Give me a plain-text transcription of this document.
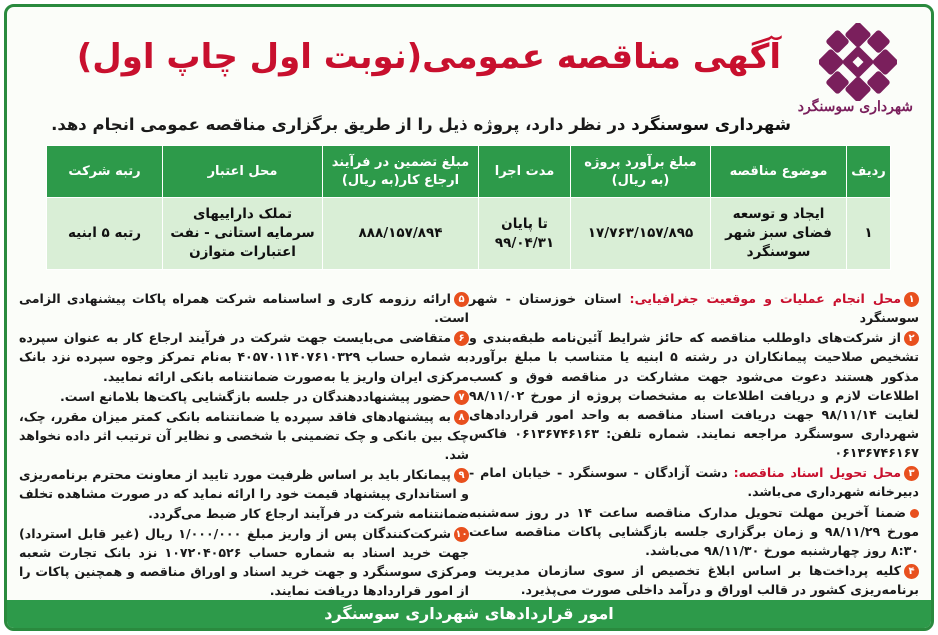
شهرداری سوسنگرد
آگهی مناقصه عمومی(نوبت اول چاپ اول)
شهرداری سوسنگرد در نظر دارد، پروژه ذیل را از طریق برگزاری مناقصه عمومی انجام دهد.
ردیف	موضوع مناقصه	مبلغ برآورد پروژه (به ریال)	مدت اجرا	مبلغ تضمین در فرآیند ارجاع کار(به ریال)	محل اعتبار	رتبه شرکت
۱	ایجاد و توسعه فضای سبز شهر سوسنگرد	۱۷/۷۶۳/۱۵۷/۸۹۵	تا پایان ۹۹/۰۴/۳۱	۸۸۸/۱۵۷/۸۹۴	تملک داراییهای سرمایه استانی - نفت اعتبارات متوازن	رتبه ۵ ابنیه

۱محل انجام عملیات و موقعیت جغرافیایی: استان خوزستان - شهر سوسنگرد

۲از شرکت‌های داوطلب مناقصه که حائز شرایط آئین‌نامه طبقه‌بندی و تشخیص صلاحیت پیمانکاران در رشته ۵ ابنیه یا متناسب با مبلغ برآورد مذکور هستند دعوت می‌شود جهت مشارکت در مناقصه فوق و کسب اطلاعات لازم و دریافت اطلاعات به مشخصات پروژه از مورخ ۹۸/۱۱/۰۲ لغایت ۹۸/۱۱/۱۴ جهت دریافت اسناد مناقصه به واحد امور قراردادهای شهرداری سوسنگرد مراجعه نمایند. شماره تلفن: ۰۶۱۳۶۷۴۶۱۶۳ فاکس ۰۶۱۳۶۷۴۶۱۶۷

۳محل تحویل اسناد مناقصه: دشت آزادگان - سوسنگرد - خیابان امام - دبیرخانه شهرداری می‌باشد.

ضمنا آخرین مهلت تحویل مدارک مناقصه ساعت ۱۴ در روز سه‌شنبه مورخ ۹۸/۱۱/۲۹ و زمان برگزاری جلسه بازگشایی پاکات مناقصه ساعت ۸:۳۰ روز چهارشنبه مورخ ۹۸/۱۱/۳۰ می‌باشد.

۴کلیه پرداخت‌ها بر اساس ابلاغ تخصیص از سوی سازمان مدیریت و برنامه‌ریزی کشور در قالب اوراق و درآمد داخلی صورت می‌پذیرد.

۵ارائه رزومه کاری و اساسنامه شرکت همراه پاکات پیشنهادی الزامی است.

۶متقاضی می‌بایست جهت شرکت در فرآیند ارجاع کار به عنوان سپرده به شماره حساب ۴۰۵۷۰۱۱۴۰۷۶۱۰۳۲۹ به‌نام تمرکز وجوه سپرده نزد بانک مرکزی ایران واریز یا به‌صورت ضمانتنامه بانکی ارائه نمایید.

۷حضور پیشنهاددهندگان در جلسه بازگشایی پاکت‌ها بلامانع است.

۸به پیشنهادهای فاقد سپرده یا ضمانتنامه بانکی کمتر میزان مقرر، چک، چک بین بانکی و چک تضمینی با شخصی و نظایر آن ترتیب اثر داده نخواهد شد.

۹پیمانکار باید بر اساس ظرفیت مورد تایید از معاونت محترم برنامه‌ریزی و استانداری پیشنهاد قیمت خود را ارائه نماید که در صورت مشاهده تخلف ضمانتنامه شرکت در فرآیند ارجاع کار ضبط می‌گردد.

۱۰شرکت‌کنندگان پس از واریز مبلغ ۱/۰۰۰/۰۰۰ ریال (غیر قابل استرداد) جهت خرید اسناد به شماره حساب ۱۰۷۲۰۴۰۵۲۶ نزد بانک تجارت شعبه مرکزی سوسنگرد و جهت خرید اسناد و اوراق مناقصه و همچنین پاکات را از امور قراردادها دریافت نمایند.

امور قراردادهای شهرداری سوسنگرد
